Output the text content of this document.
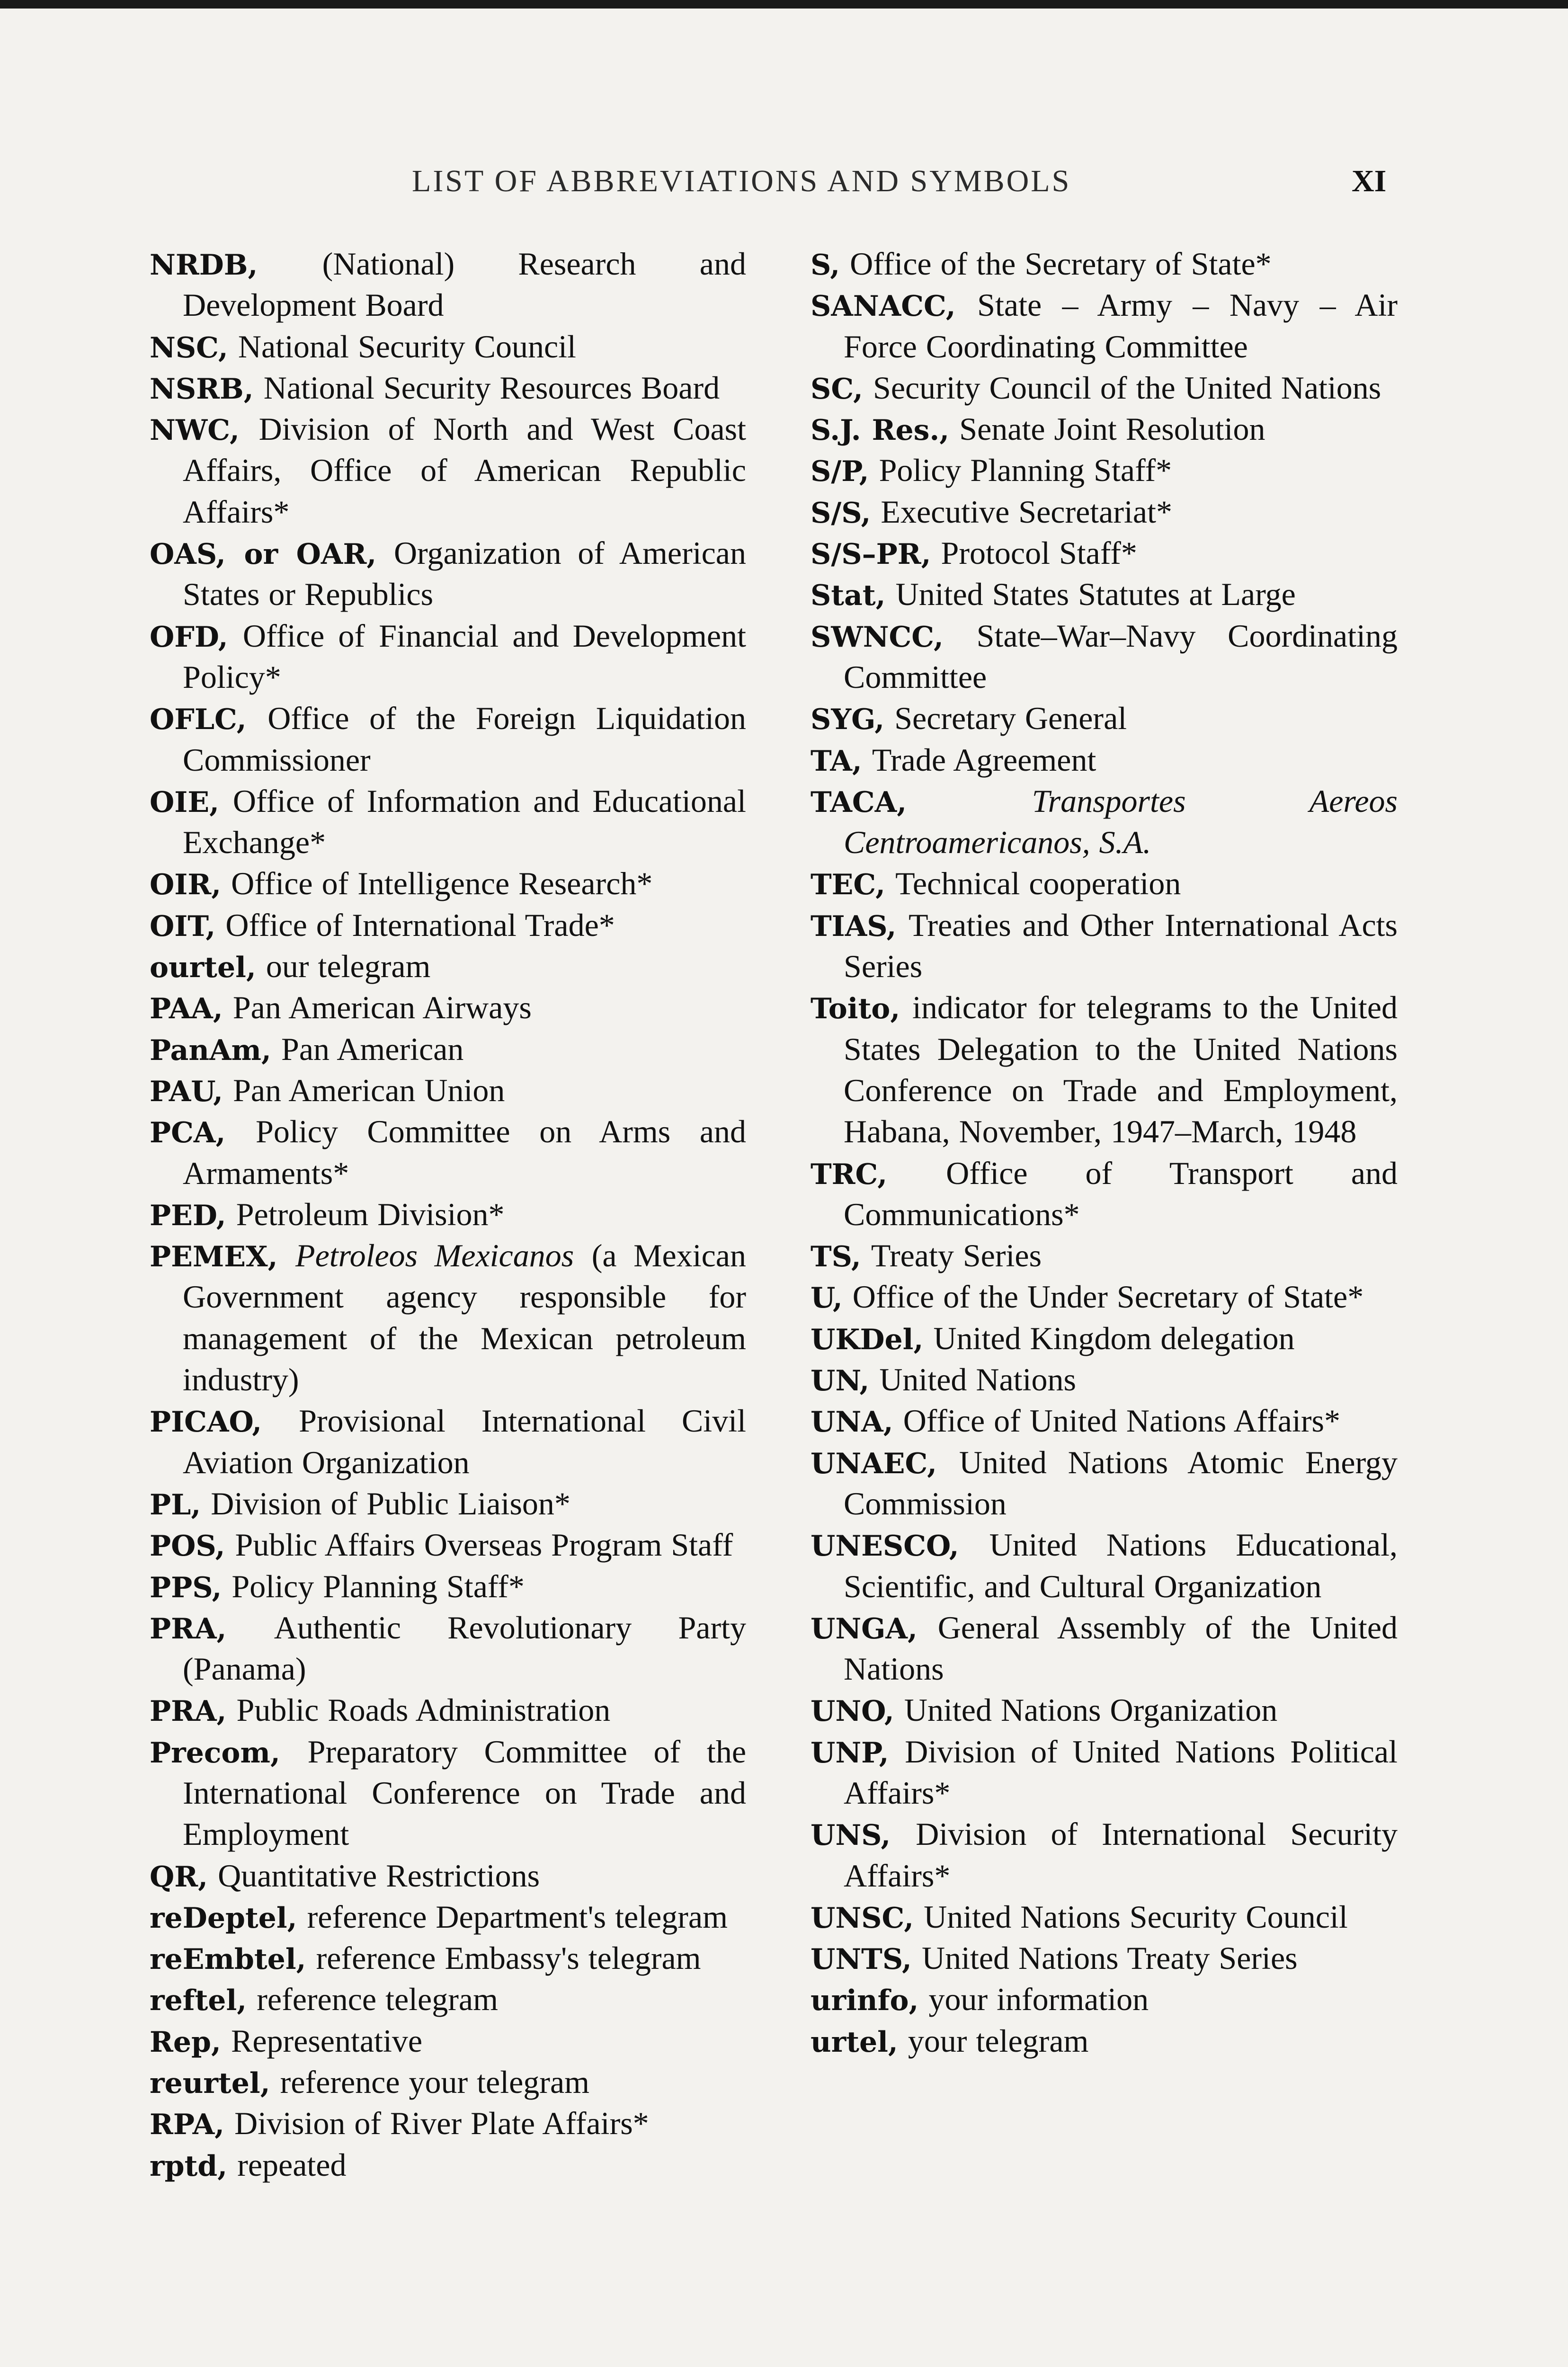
LIST OF ABBREVIATIONS AND SYMBOLS	XI
NRDB , (National) Research and Development Board
NSC , National Security Council
NSRB , National Security Resources Board
NWC , Division of North and West Coast Affairs, Office of American Republic Affairs*
OAS, or OAR , Organization of American States or Republics
OFD , Office of Financial and Development Policy*
OFLC , Office of the Foreign Liquidation Commissioner
OIE , Office of Information and Educational Exchange*
OIR , Office of Intelligence Research*
OIT , Office of International Trade*
ourtel , our telegram
PAA , Pan American Airways
PanAm , Pan American
PAU , Pan American Union
PCA , Policy Committee on Arms and Armaments*
PED , Petroleum Division*
PEMEX , Petroleos Mexicanos (a Mexican Government agency responsible for management of the Mexican petroleum industry)
PICAO , Provisional International Civil Aviation Organization
PL , Division of Public Liaison*
POS , Public Affairs Overseas Program Staff
PPS , Policy Planning Staff*
PRA , Authentic Revolutionary Party (Panama)
PRA , Public Roads Administration
Precom , Preparatory Committee of the International Conference on Trade and Employment
QR , Quantitative Restrictions
reDeptel , reference Department's telegram
reEmbtel , reference Embassy's telegram
reftel , reference telegram
Rep , Representative
reurtel , reference your telegram
RPA , Division of River Plate Affairs*
rptd , repeated
S , Office of the Secretary of State*
SANACC , State – Army – Navy – Air Force Coordinating Committee
SC , Security Council of the United Nations
S.J. Res. , Senate Joint Resolution
S/P , Policy Planning Staff*
S/S , Executive Secretariat*
S/S–PR , Protocol Staff*
Stat , United States Statutes at Large
SWNCC , State–War–Navy Coordinating Committee
SYG , Secretary General
TA , Trade Agreement
TACA ,	Transportes Aereos Centroamericanos, S.A.
TEC , Technical cooperation
TIAS , Treaties and Other International Acts Series
Toito , indicator for telegrams to the United States Delegation to the United Nations Conference on Trade and Employment, Habana, November, 1947–March, 1948
TRC , Office of Transport and Communications*
TS , Treaty Series
U , Office of the Under Secretary of State*
UKDel , United Kingdom delegation
UN , United Nations
UNA , Office of United Nations Affairs*
UNAEC , United Nations Atomic Energy Commission
UNESCO , United Nations Educational, Scientific, and Cultural Organization
UNGA , General Assembly of the United Nations
UNO , United Nations Organization
UNP , Division of United Nations Political Affairs*
UNS , Division of International Security Affairs*
UNSC , United Nations Security Council
UNTS , United Nations Treaty Series
urinfo , your information
urtel , your telegram
